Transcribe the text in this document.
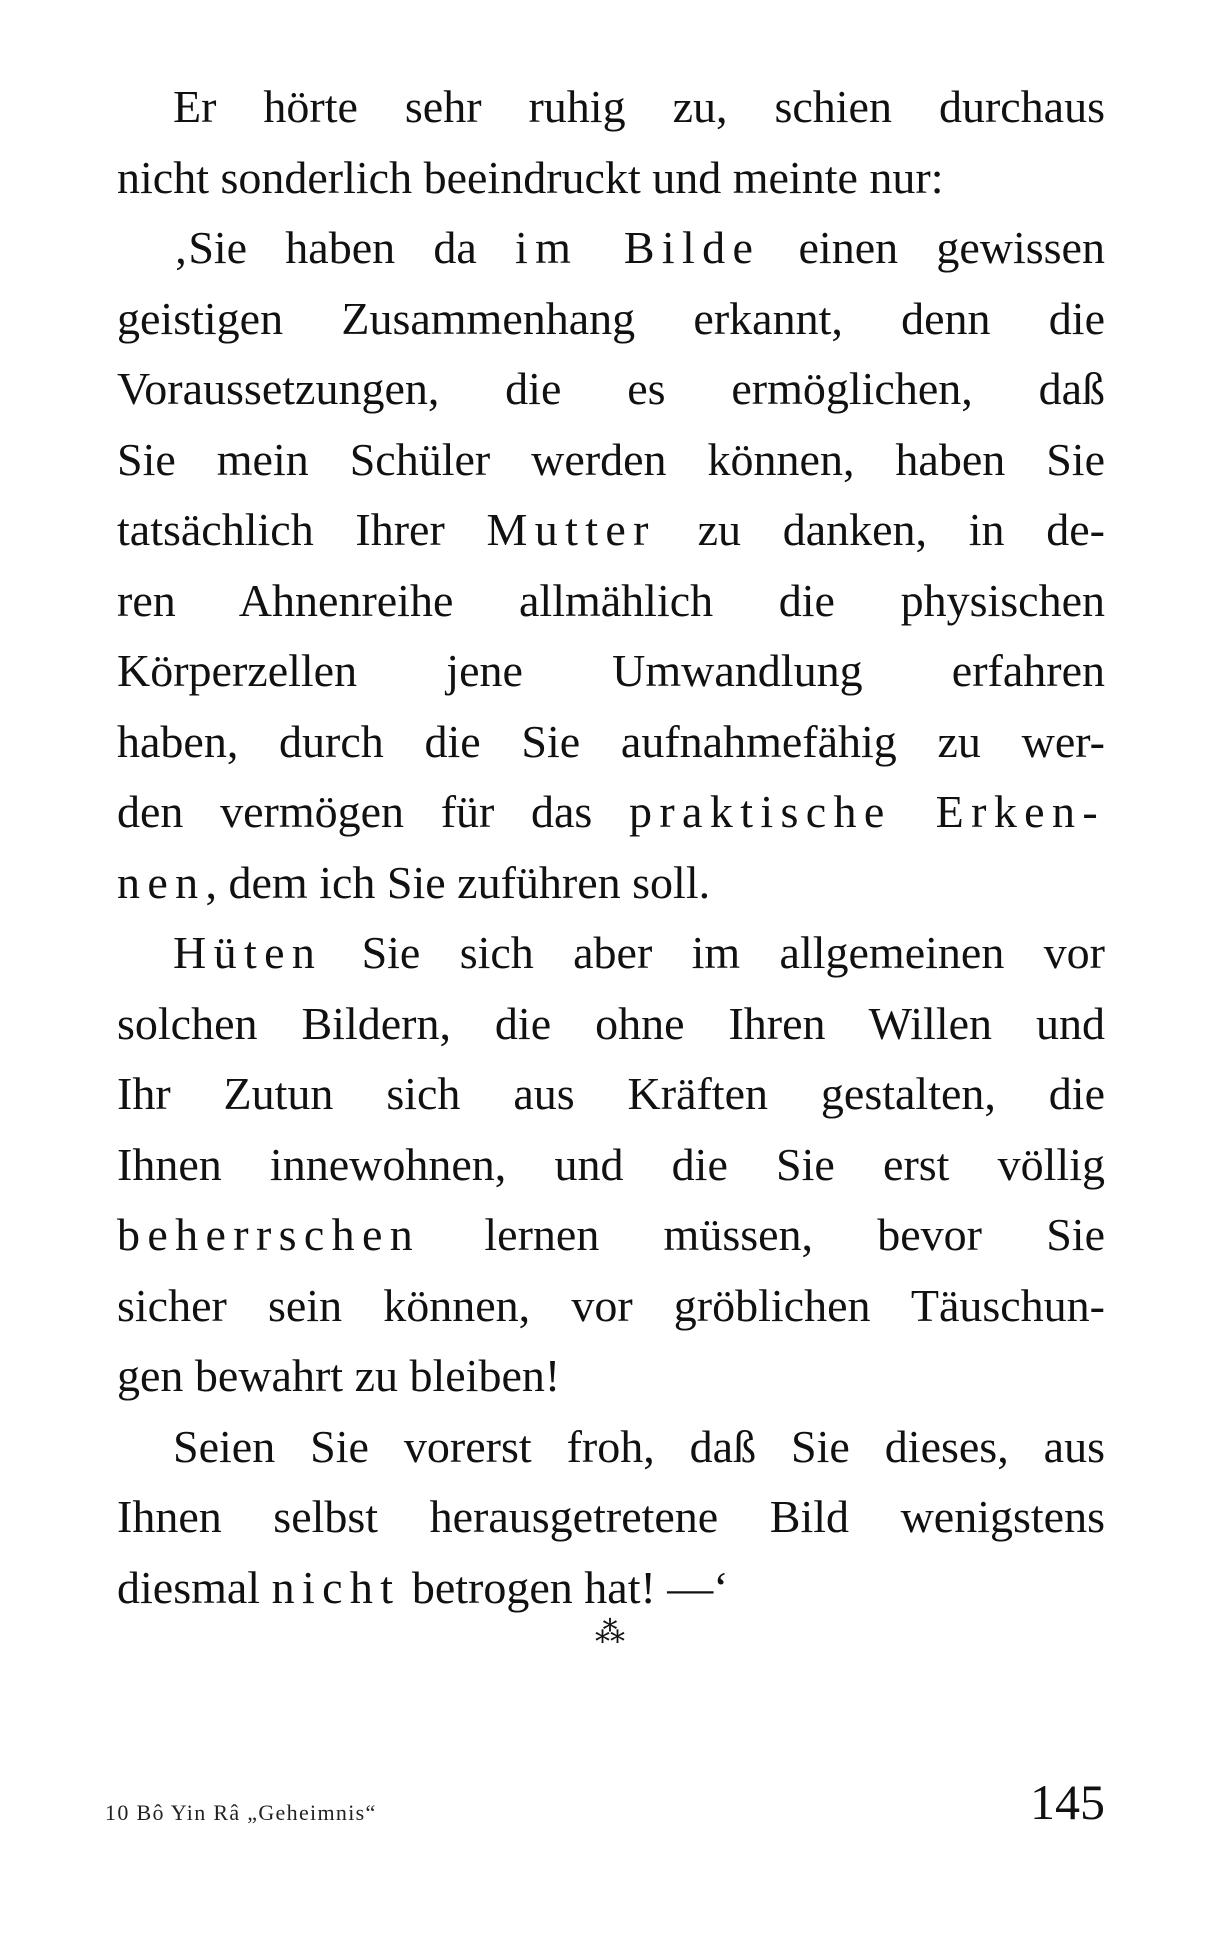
Er hörte sehr ruhig zu, schien durchaus
nicht sonderlich beeindruckt und meinte nur:
‚Sie haben da im Bilde einen gewissen
geistigen Zusammenhang erkannt, denn die
Voraussetzungen, die es ermöglichen, daß
Sie mein Schüler werden können, haben Sie
tatsächlich Ihrer Mutter zu danken, in de-
ren Ahnenreihe allmählich die physischen
Körperzellen jene Umwandlung erfahren
haben, durch die Sie aufnahmefähig zu wer-
den vermögen für das praktische Erken-
nen, dem ich Sie zuführen soll.
Hüten Sie sich aber im allgemeinen vor
solchen Bildern, die ohne Ihren Willen und
Ihr Zutun sich aus Kräften gestalten, die
Ihnen innewohnen, und die Sie erst völlig
beherrschen lernen müssen, bevor Sie
sicher sein können, vor gröblichen Täuschun-
gen bewahrt zu bleiben!
Seien Sie vorerst froh, daß Sie dieses, aus
Ihnen selbst herausgetretene Bild wenigstens
diesmal nicht betrogen hat! —‘
⁂
10 Bô Yin Râ „Geheimnis“	145
